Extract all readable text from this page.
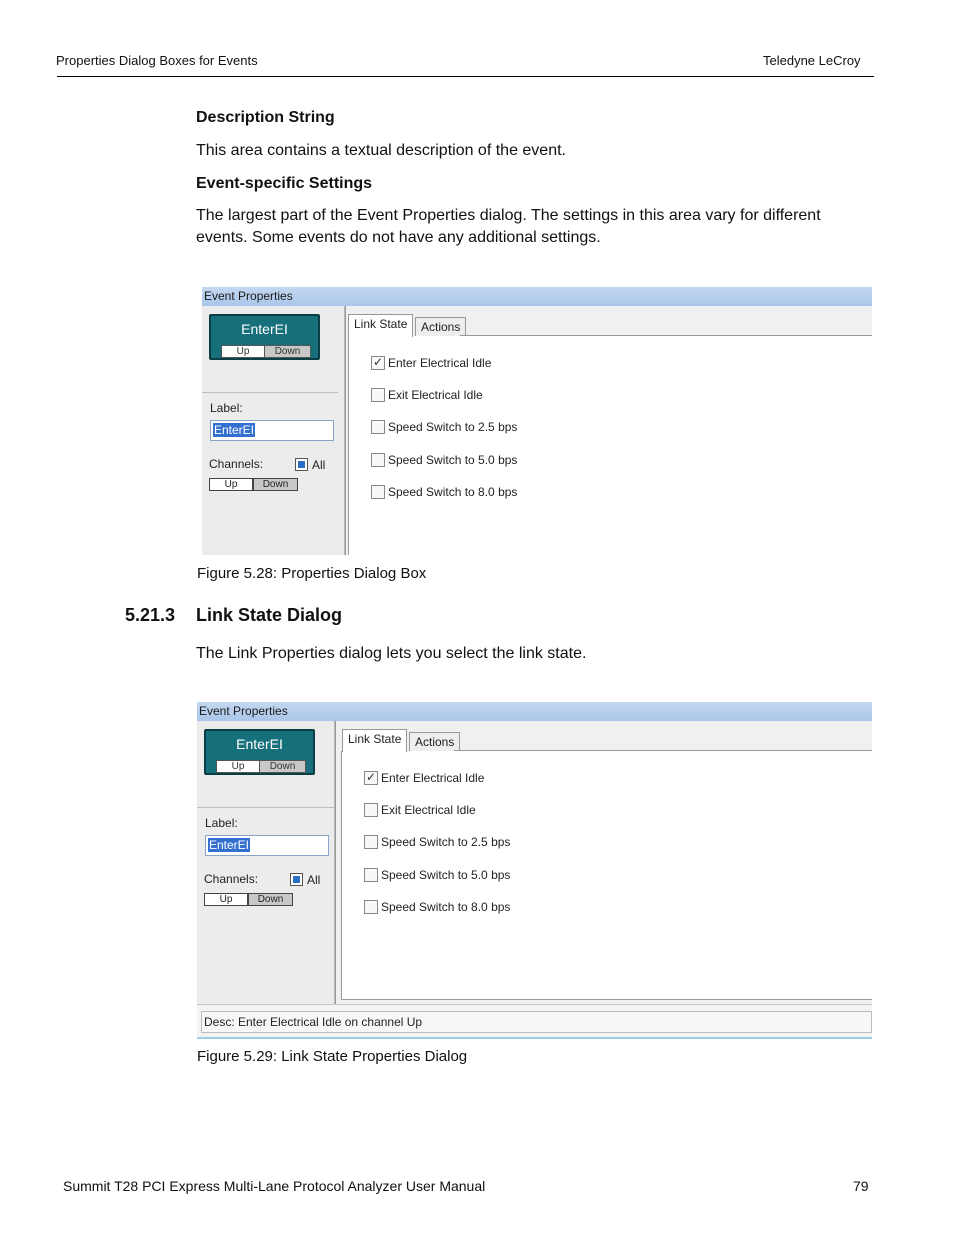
Properties Dialog Boxes for Events	Teledyne LeCroy
Description String
This area contains a textual description of the event.
Event-specific Settings
The largest part of the Event Properties dialog. The settings in this area vary for different
events. Some events do not have any additional settings.
Event Properties
EnterEI
Up	Down
Label:
EnterEI
Channels:	All
Up	Down
Link State	Actions
✓
Enter Electrical Idle
Exit Electrical Idle
Speed Switch to 2.5 bps
Speed Switch to 5.0 bps
Speed Switch to 8.0 bps
Figure 5.28: Properties Dialog Box
5.21.3 Link State Dialog
The Link Properties dialog lets you select the link state.
Event Properties
EnterEI
Up	Down
Label:
EnterEI
Channels:	All
Up	Down
Link State	Actions
✓
Enter Electrical Idle
Exit Electrical Idle
Speed Switch to 2.5 bps
Speed Switch to 5.0 bps
Speed Switch to 8.0 bps
Desc: Enter Electrical Idle on channel Up
Figure 5.29: Link State Properties Dialog
Summit T28 PCI Express Multi-Lane Protocol Analyzer User Manual	79
